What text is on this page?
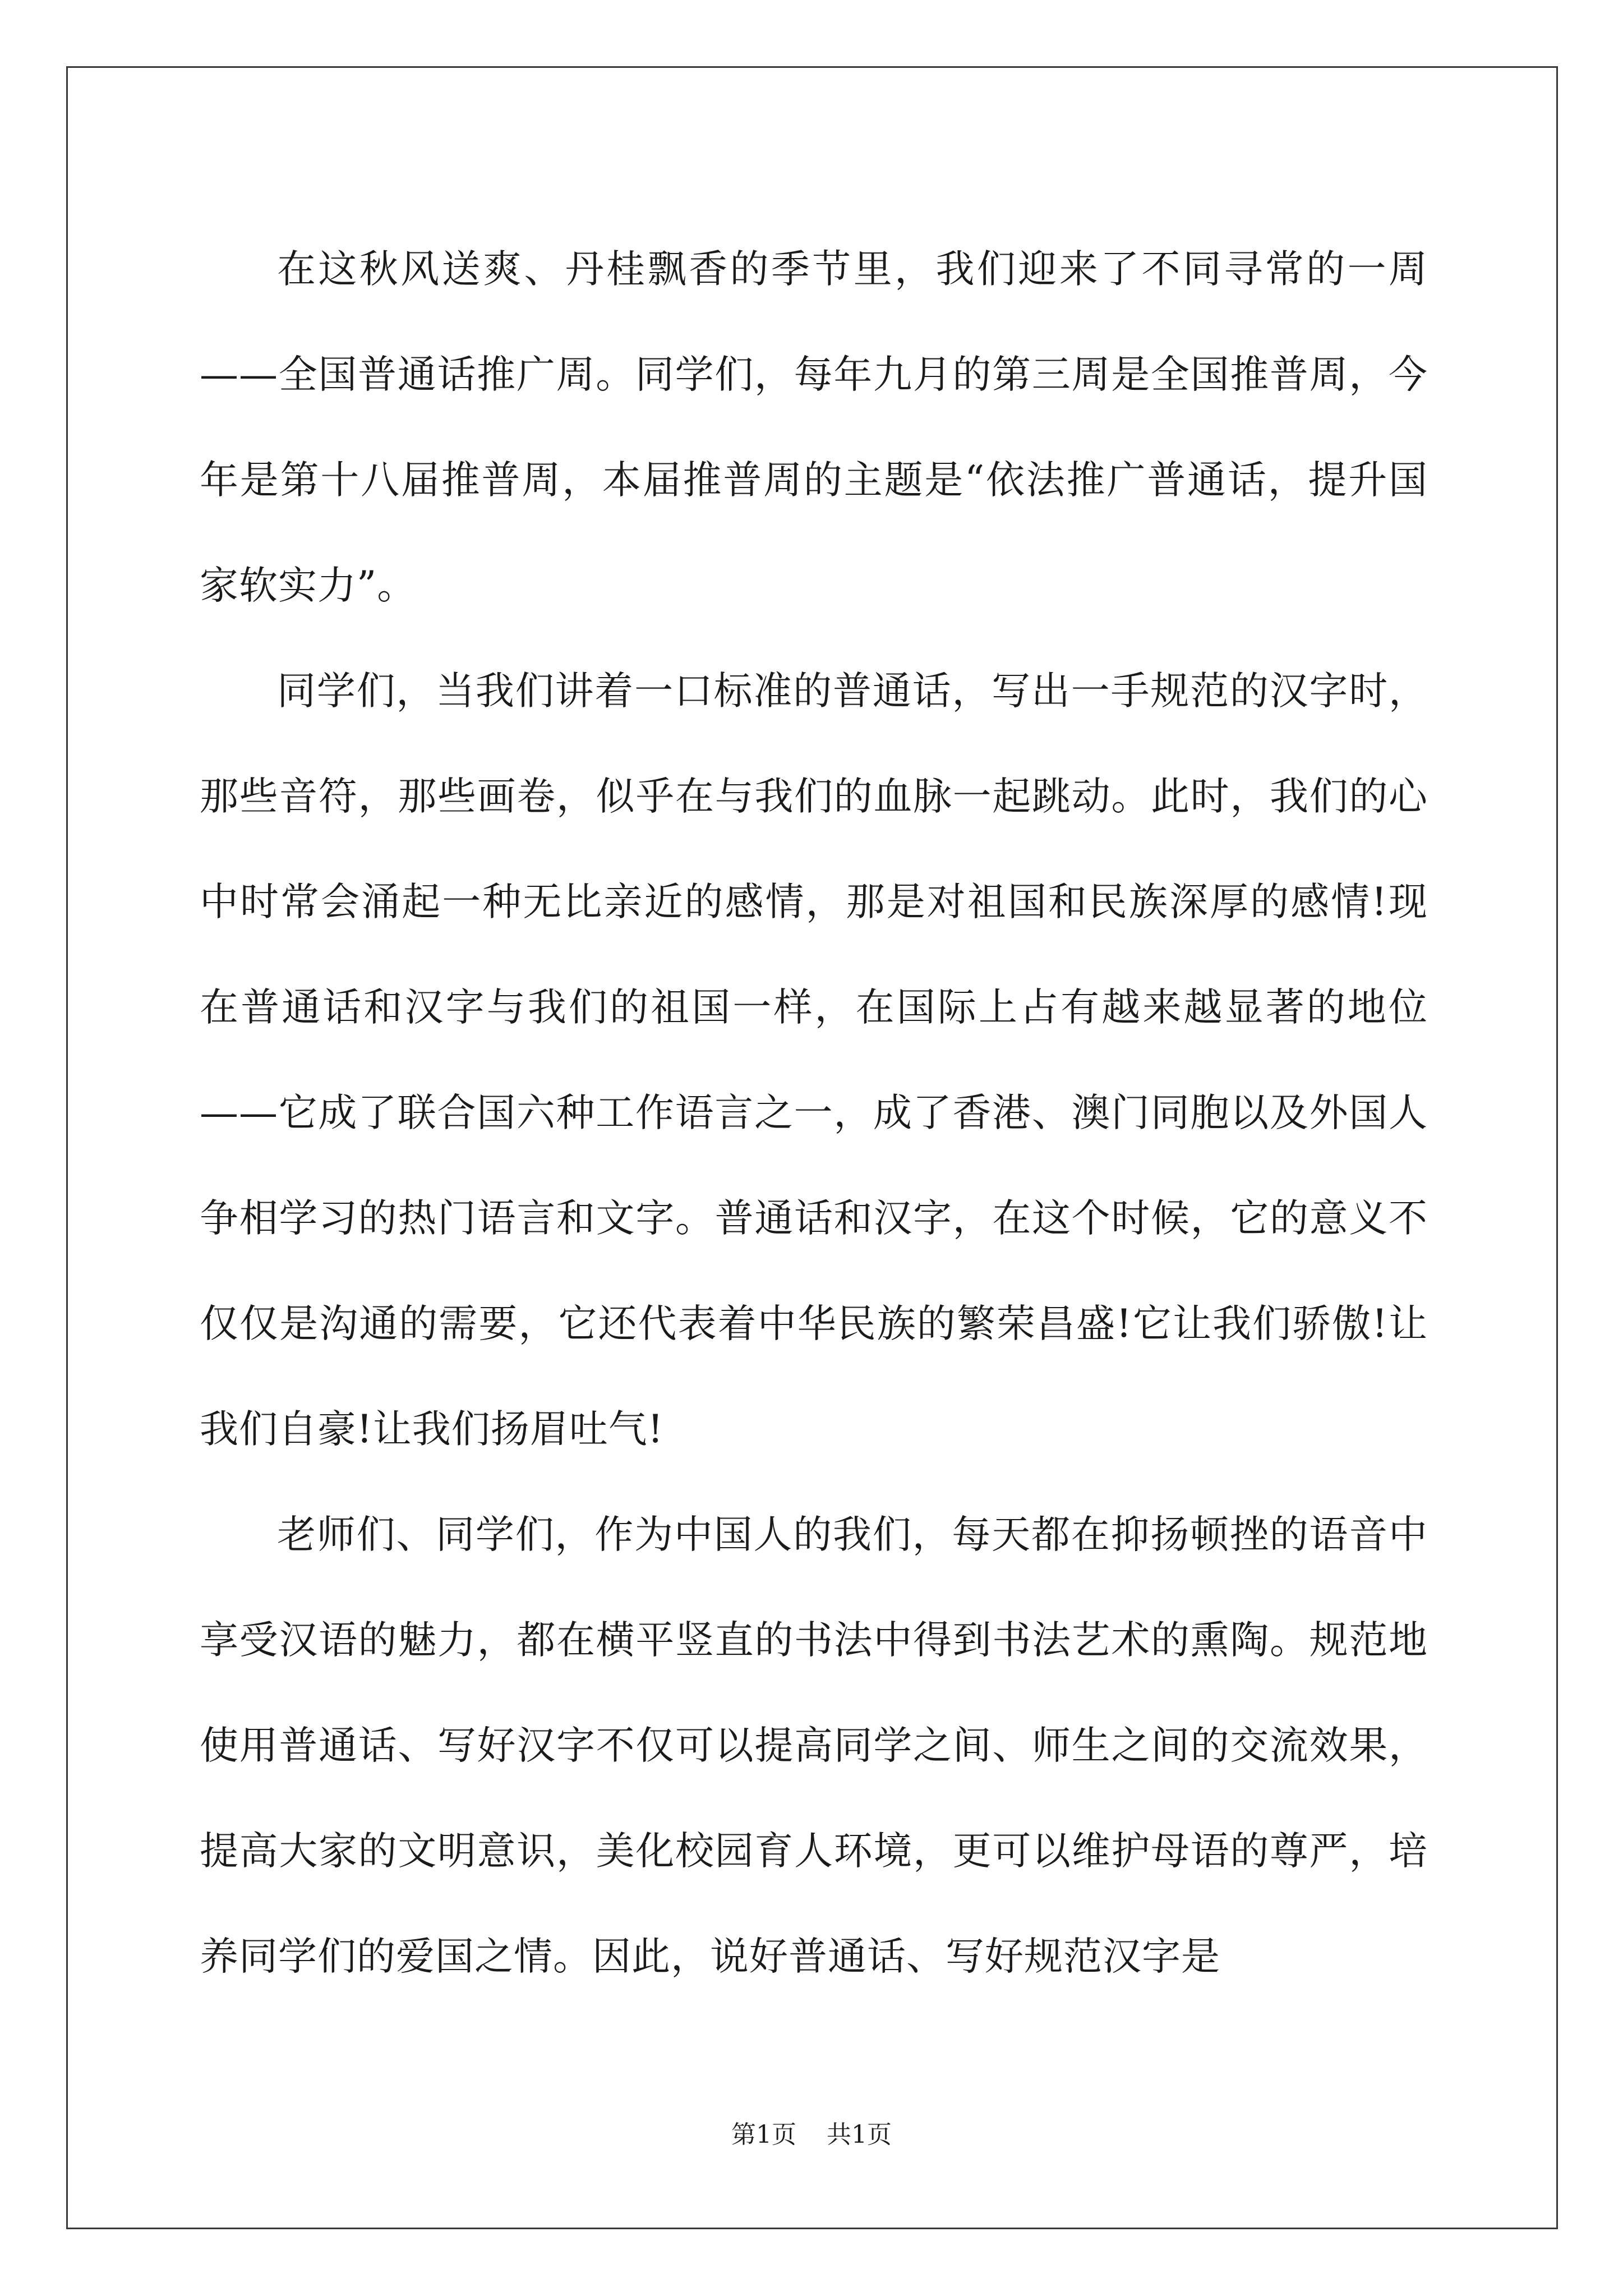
在这秋风送爽、丹桂飘香的季节里，我们迎来了不同寻常的一周——全国普通话推广周。同学们，每年九月的第三周是全国推普周，今年是第十八届推普周，本届推普周的主题是“依法推广普通话，提升国家软实力”。

同学们，当我们讲着一口标准的普通话，写出一手规范的汉字时，那些音符，那些画卷，似乎在与我们的血脉一起跳动。此时，我们的心中时常会涌起一种无比亲近的感情，那是对祖国和民族深厚的感情!现在普通话和汉字与我们的祖国一样，在国际上占有越来越显著的地位——它成了联合国六种工作语言之一，成了香港、澳门同胞以及外国人争相学习的热门语言和文字。普通话和汉字，在这个时候，它的意义不仅仅是沟通的需要，它还代表着中华民族的繁荣昌盛!它让我们骄傲!让我们自豪!让我们扬眉吐气!

老师们、同学们，作为中国人的我们，每天都在抑扬顿挫的语音中享受汉语的魅力，都在横平竖直的书法中得到书法艺术的熏陶。规范地使用普通话、写好汉字不仅可以提高同学之间、师生之间的交流效果，提高大家的文明意识，美化校园育人环境，更可以维护母语的尊严，培养同学们的爱国之情。因此，说好普通话、写好规范汉字是

第1页 共1页
